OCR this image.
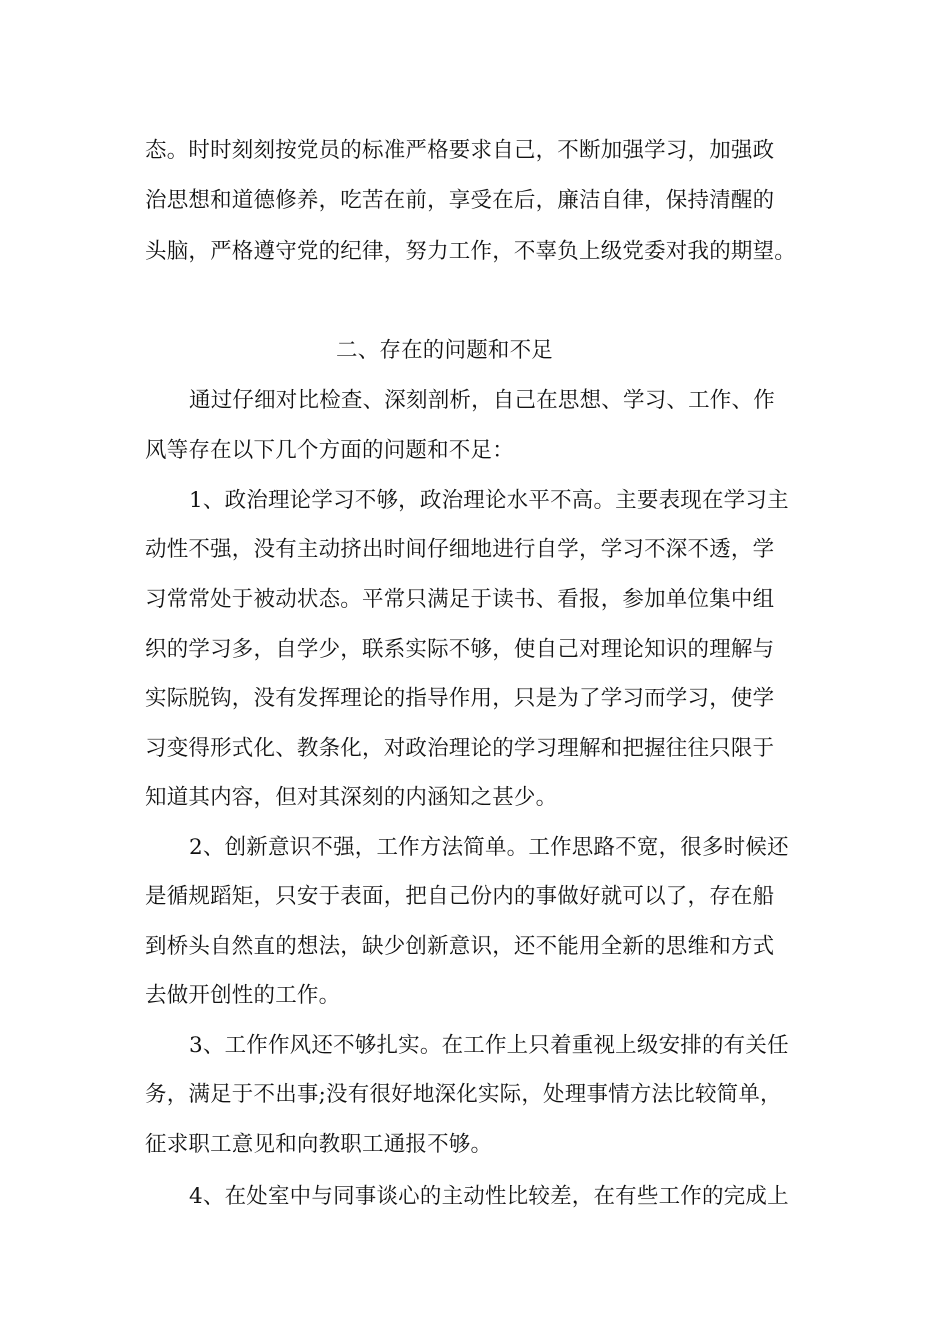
态。时时刻刻按党员的标准严格要求自己，不断加强学习，加强政
治思想和道德修养，吃苦在前，享受在后，廉洁自律，保持清醒的
头脑，严格遵守党的纪律，努力工作，不辜负上级党委对我的期望。
二、存在的问题和不足
通过仔细对比检查、深刻剖析，自己在思想、学习、工作、作
风等存在以下几个方面的问题和不足：
1、政治理论学习不够，政治理论水平不高。主要表现在学习主
动性不强，没有主动挤出时间仔细地进行自学，学习不深不透，学
习常常处于被动状态。平常只满足于读书、看报，参加单位集中组
织的学习多，自学少，联系实际不够，使自己对理论知识的理解与
实际脱钩，没有发挥理论的指导作用，只是为了学习而学习，使学
习变得形式化、教条化，对政治理论的学习理解和把握往往只限于
知道其内容，但对其深刻的内涵知之甚少。
2、创新意识不强，工作方法简单。工作思路不宽，很多时候还
是循规蹈矩，只安于表面，把自己份内的事做好就可以了，存在船
到桥头自然直的想法，缺少创新意识，还不能用全新的思维和方式
去做开创性的工作。
3、工作作风还不够扎实。在工作上只着重视上级安排的有关任
务，满足于不出事;没有很好地深化实际，处理事情方法比较简单，
征求职工意见和向教职工通报不够。
4、在处室中与同事谈心的主动性比较差，在有些工作的完成上
